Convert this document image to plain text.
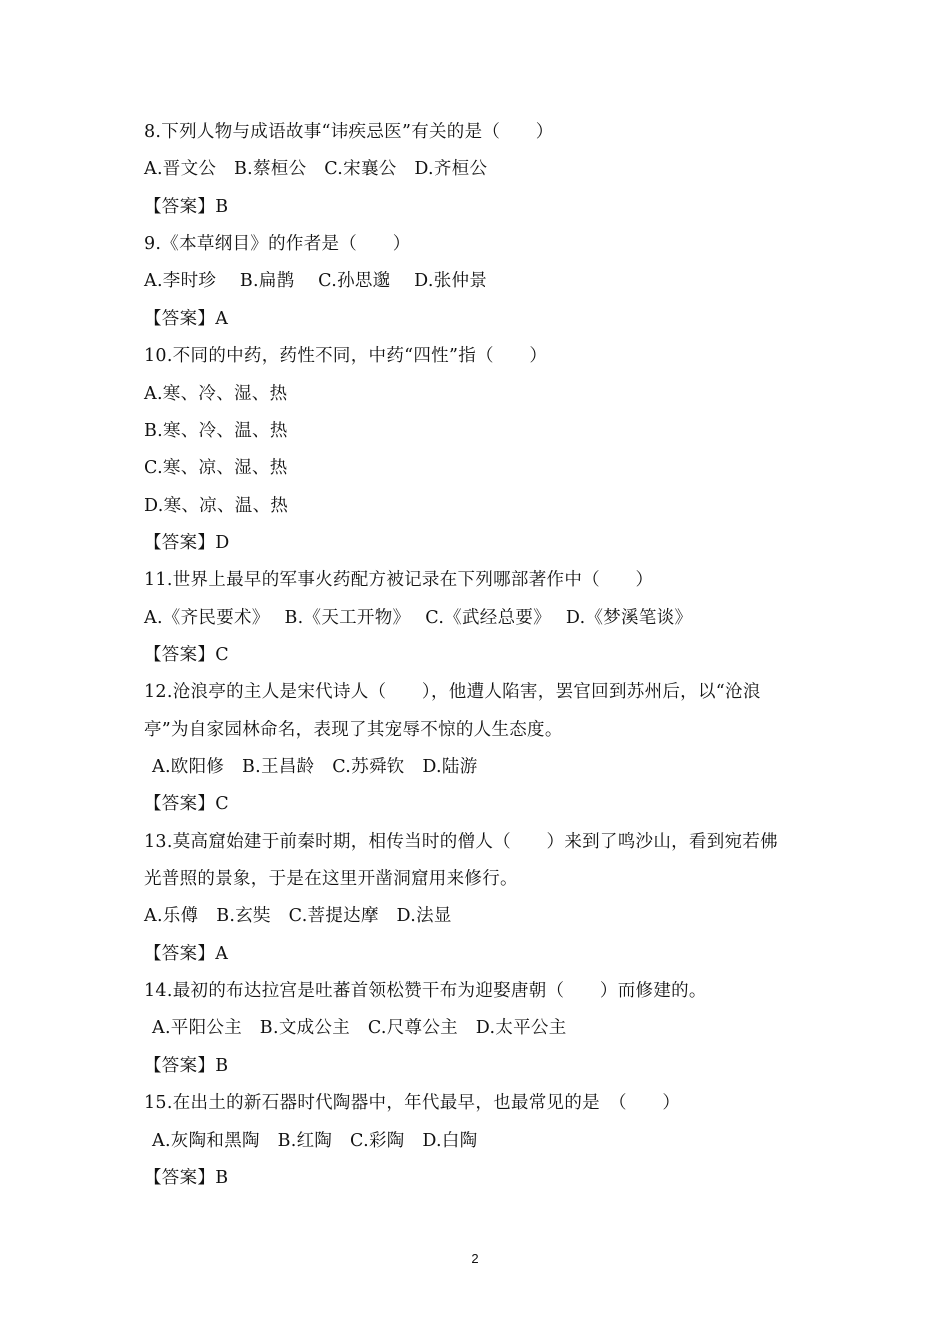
8.下列人物与成语故事“讳疾忌医”有关的是（　　）
A.晋文公　B.蔡桓公　C.宋襄公　D.齐桓公
【答案】B
9.《本草纲目》的作者是（　　）
A.李时珍　 B.扁鹊　 C.孙思邈　 D.张仲景
【答案】A
10.不同的中药，药性不同，中药“四性”指（　　）
A.寒、冷、湿、热
B.寒、冷、温、热
C.寒、凉、湿、热
D.寒、凉、温、热
【答案】D
11.世界上最早的军事火药配方被记录在下列哪部著作中（　　）
A.《齐民要术》　 B.《天工开物》　 C.《武经总要》　 D.《梦溪笔谈》
【答案】C
12.沧浪亭的主人是宋代诗人（　　），他遭人陷害，罢官回到苏州后，以“沧浪
亭”为自家园林命名，表现了其宠辱不惊的人生态度。
A.欧阳修　B.王昌龄　C.苏舜钦　D.陆游
【答案】C
13.莫高窟始建于前秦时期，相传当时的僧人（　　）来到了鸣沙山，看到宛若佛
光普照的景象，于是在这里开凿洞窟用来修行。
A.乐僔　B.玄奘　C.菩提达摩　D.法显
【答案】A
14.最初的布达拉宫是吐蕃首领松赞干布为迎娶唐朝（　　）而修建的。
A.平阳公主　B.文成公主　C.尺尊公主　D.太平公主
【答案】B
15.在出土的新石器时代陶器中，年代最早，也最常见的是　（　　）
A.灰陶和黑陶　B.红陶　C.彩陶　D.白陶
【答案】B
2
